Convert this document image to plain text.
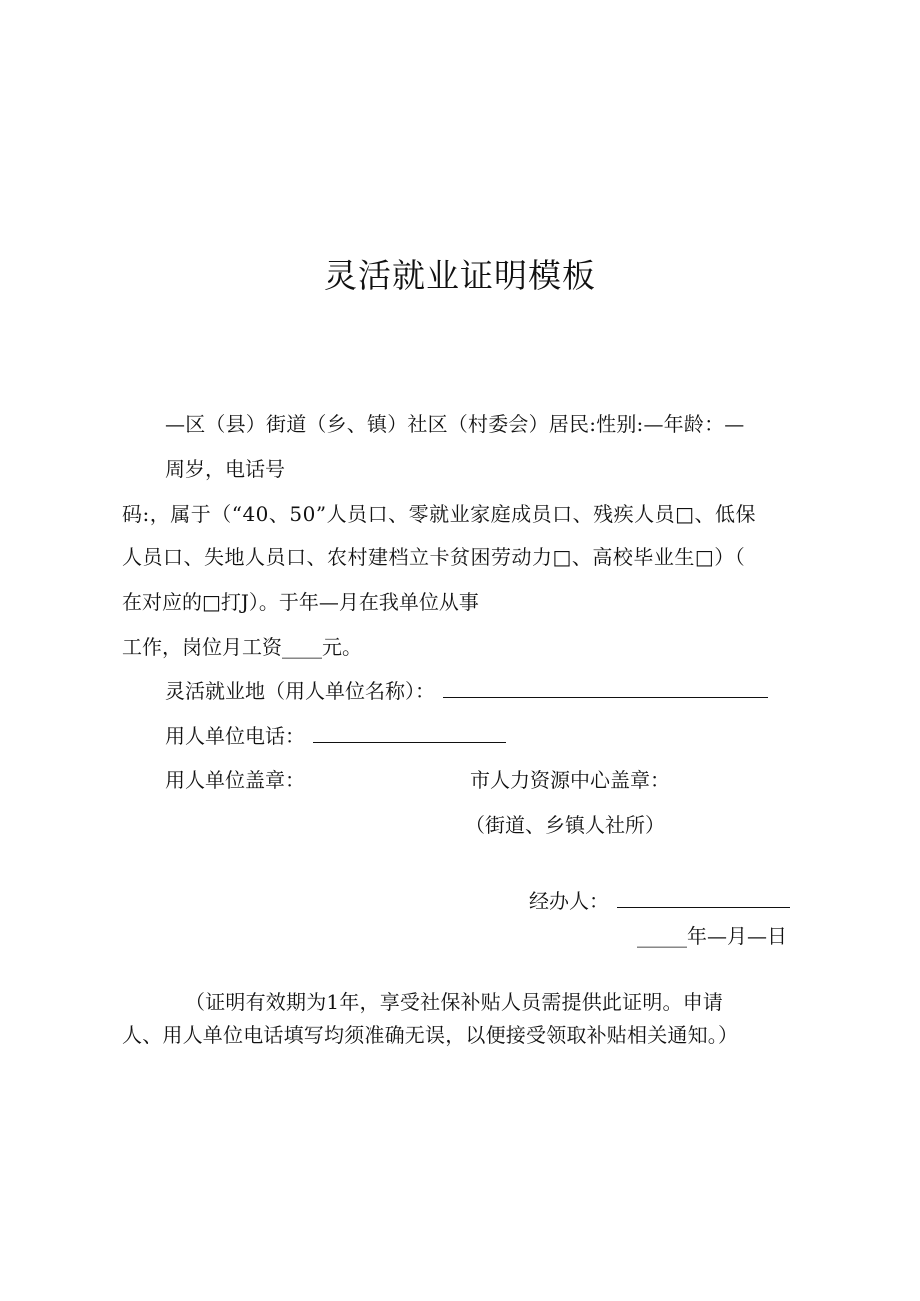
灵活就业证明模板

—区（县）街道（乡、镇）社区（村委会）居民:性别:—年龄：—

周岁，电话号

码:，属于（“40、50”人员口、零就业家庭成员口、残疾人员□、低保

人员口、失地人员口、农村建档立卡贫困劳动力□、高校毕业生□）（

在对应的□打J）。于年—月在我单位从事

工作，岗位月工资____元。

灵活就业地（用人单位名称）：

用人单位电话：

用人单位盖章：	市人力资源中心盖章：

（街道、乡镇人社所）

经办人：

_____年—月—日

（证明有效期为1年，享受社保补贴人员需提供此证明。申请

人、用人单位电话填写均须准确无误，以便接受领取补贴相关通知。）
